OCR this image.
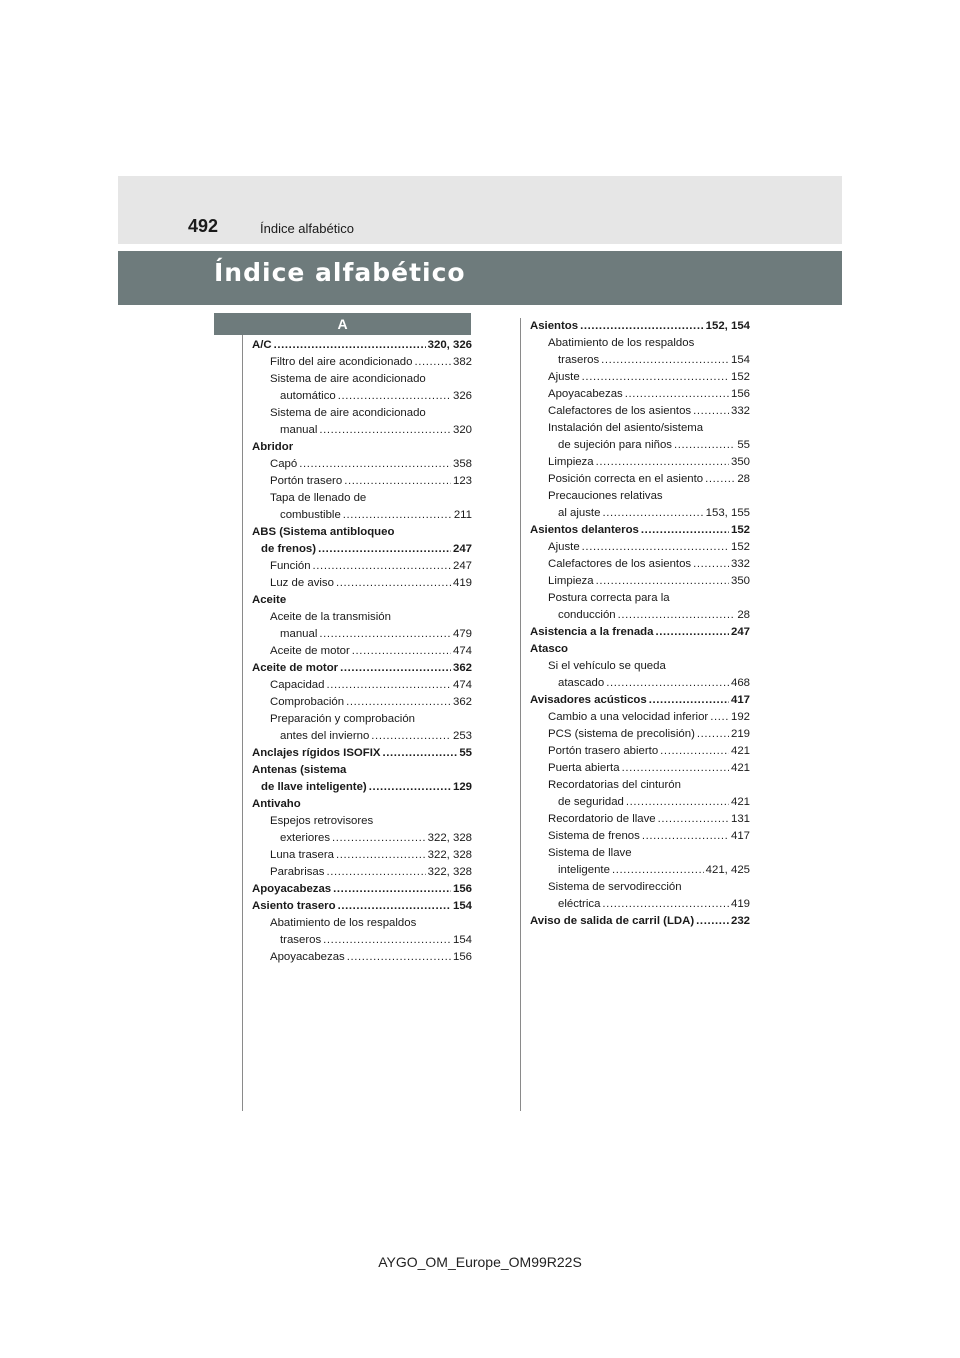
492	Índice alfabético
Índice alfabético
A
A/C .....	320, 326
Filtro del aire acondicionado .....	382
Sistema de aire acondicionado
automático .....	326
Sistema de aire acondicionado
manual .....	320
Abridor
Capó .....	358
Portón trasero .....	123
Tapa de llenado de
combustible .....	211
ABS (Sistema antibloqueo
de frenos) .....	247
Función .....	247
Luz de aviso .....	419
Aceite
Aceite de la transmisión
manual .....	479
Aceite de motor .....	474
Aceite de motor .....	362
Capacidad .....	474
Comprobación .....	362
Preparación y comprobación
antes del invierno .....	253
Anclajes rígidos ISOFIX .....	55
Antenas (sistema
de llave inteligente) .....	129
Antivaho
Espejos retrovisores
exteriores .....	322, 328
Luna trasera .....	322, 328
Parabrisas .....	322, 328
Apoyacabezas .....	156
Asiento trasero .....	154
Abatimiento de los respaldos
traseros .....	154
Apoyacabezas .....	156
Asientos .....	152, 154
Abatimiento de los respaldos
traseros .....	154
Ajuste .....	152
Apoyacabezas .....	156
Calefactores de los asientos .....	332
Instalación del asiento/sistema
de sujeción para niños .....	55
Limpieza .....	350
Posición correcta en el asiento .....	28
Precauciones relativas
al ajuste .....	153, 155
Asientos delanteros .....	152
Ajuste .....	152
Calefactores de los asientos .....	332
Limpieza .....	350
Postura correcta para la
conducción .....	28
Asistencia a la frenada .....	247
Atasco
Si el vehículo se queda
atascado .....	468
Avisadores acústicos .....	417
Cambio a una velocidad inferior ..... 192
PCS (sistema de precolisión) .....	219
Portón trasero abierto .....	421
Puerta abierta .....	421
Recordatorias del cinturón
de seguridad .....	421
Recordatorio de llave .....	131
Sistema de frenos .....	417
Sistema de llave
inteligente .....	421, 425
Sistema de servodirección
eléctrica .....	419
Aviso de salida de carril (LDA) .....	232
AYGO_OM_Europe_OM99R22S
